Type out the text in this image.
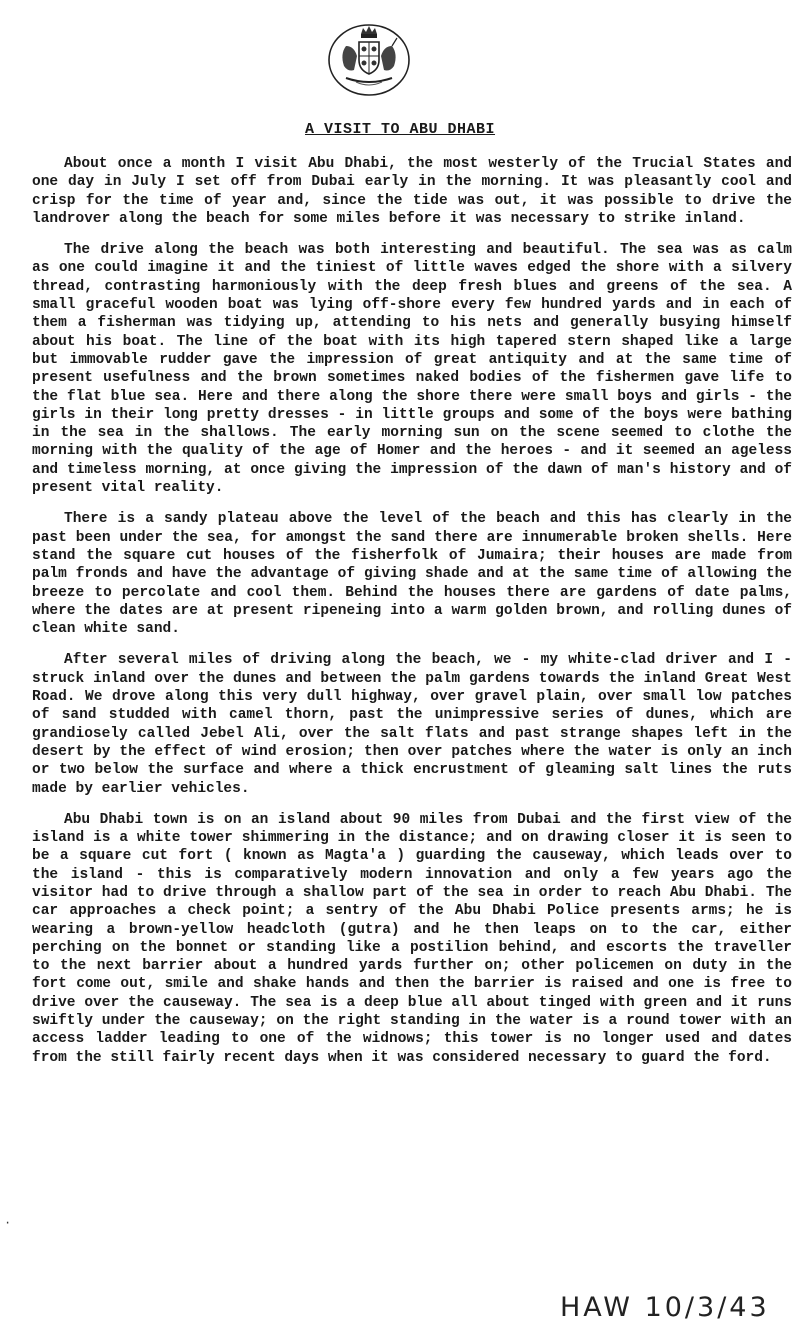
A VISIT TO ABU DHABI

About once a month I visit Abu Dhabi, the most westerly of the Trucial States and one day in July I set off from Dubai early in the morning. It was pleasantly cool and crisp for the time of year and, since the tide was out, it was possible to drive the landrover along the beach for some miles before it was necessary to strike inland.

The drive along the beach was both interesting and beautiful. The sea was as calm as one could imagine it and the tiniest of little waves edged the shore with a silvery thread, contrasting harmoniously with the deep fresh blues and greens of the sea. A small graceful wooden boat was lying off-shore every few hundred yards and in each of them a fisherman was tidying up, attending to his nets and generally busying himself about his boat. The line of the boat with its high tapered stern shaped like a large but immovable rudder gave the impression of great antiquity and at the same time of present usefulness and the brown sometimes naked bodies of the fishermen gave life to the flat blue sea. Here and there along the shore there were small boys and girls - the girls in their long pretty dresses - in little groups and some of the boys were bathing in the sea in the shallows. The early morning sun on the scene seemed to clothe the morning with the quality of the age of Homer and the heroes - and it seemed an ageless and timeless morning, at once giving the impression of the dawn of man's history and of present vital reality.

There is a sandy plateau above the level of the beach and this has clearly in the past been under the sea, for amongst the sand there are innumerable broken shells. Here stand the square cut houses of the fisherfolk of Jumaira; their houses are made from palm fronds and have the advantage of giving shade and at the same time of allowing the breeze to percolate and cool them. Behind the houses there are gardens of date palms, where the dates are at present ripeneing into a warm golden brown, and rolling dunes of clean white sand.

After several miles of driving along the beach, we - my white-clad driver and I - struck inland over the dunes and between the palm gardens towards the inland Great West Road. We drove along this very dull highway, over gravel plain, over small low patches of sand studded with camel thorn, past the unimpressive series of dunes, which are grandiosely called Jebel Ali, over the salt flats and past strange shapes left in the desert by the effect of wind erosion; then over patches where the water is only an inch or two below the surface and where a thick encrustment of gleaming salt lines the ruts made by earlier vehicles.

Abu Dhabi town is on an island about 90 miles from Dubai and the first view of the island is a white tower shimmering in the distance; and on drawing closer it is seen to be a square cut fort ( known as Magta'a ) guarding the causeway, which leads over to the island - this is comparatively modern innovation and only a few years ago the visitor had to drive through a shallow part of the sea in order to reach Abu Dhabi. The car approaches a check point; a sentry of the Abu Dhabi Police presents arms; he is wearing a brown-yellow headcloth (gutra) and he then leaps on to the car, either perching on the bonnet or standing like a postilion behind, and escorts the traveller to the next barrier about a hundred yards further on; other policemen on duty in the fort come out, smile and shake hands and then the barrier is raised and one is free to drive over the causeway. The sea is a deep blue all about tinged with green and it runs swiftly under the causeway; on the right standing in the water is a round tower with an access ladder leading to one of the widnows; this tower is no longer used and dates from the still fairly recent days when it was considered necessary to guard the ford.

·
HAW 10/3/43
